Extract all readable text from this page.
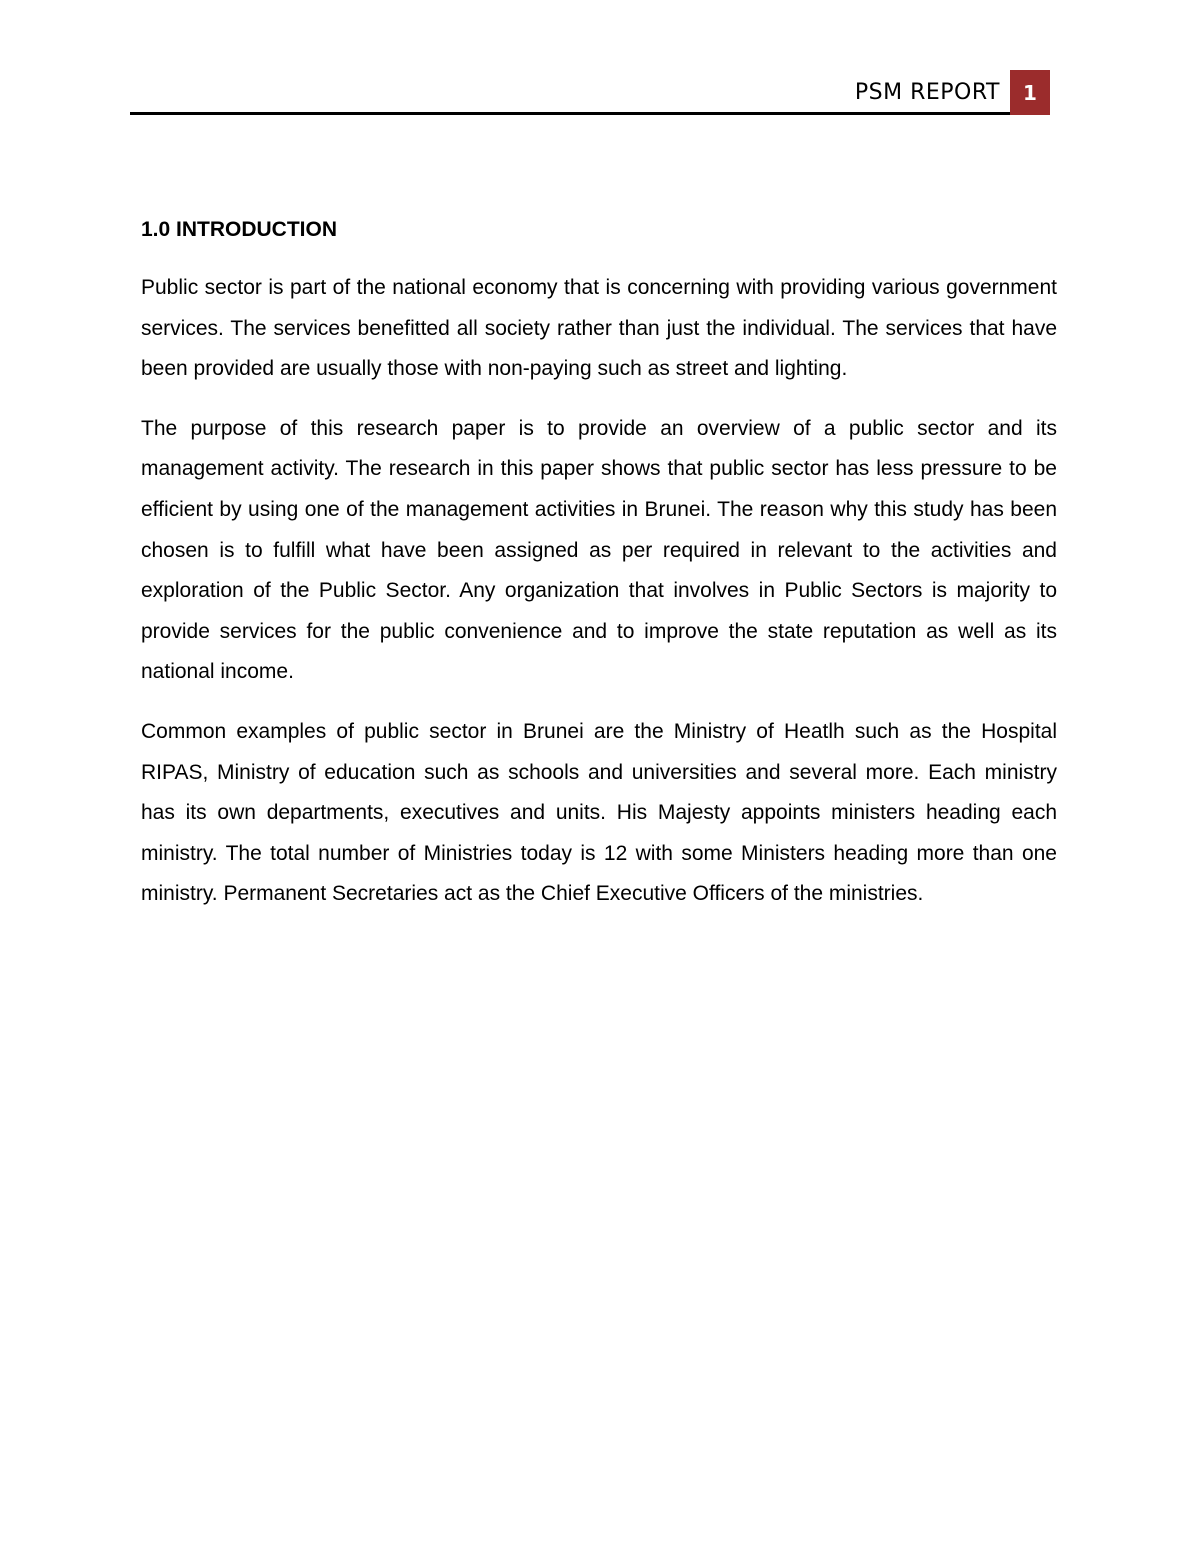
PSM REPORT 1
1.0 INTRODUCTION

Public sector is part of the national economy that is concerning with providing various government services. The services benefitted all society rather than just the individual. The services that have been provided are usually those with non-paying such as street and lighting.

The purpose of this research paper is to provide an overview of a public sector and its management activity. The research in this paper shows that public sector has less pressure to be efficient by using one of the management activities in Brunei. The reason why this study has been chosen is to fulfill what have been assigned as per required in relevant to the activities and exploration of the Public Sector. Any organization that involves in Public Sectors is majority to provide services for the public convenience and to improve the state reputation as well as its national income.

Common examples of public sector in Brunei are the Ministry of Heatlh such as the Hospital RIPAS, Ministry of education such as schools and universities and several more. Each ministry has its own departments, executives and units. His Majesty appoints ministers heading each ministry. The total number of Ministries today is 12 with some Ministers heading more than one ministry. Permanent Secretaries act as the Chief Executive Officers of the ministries.
